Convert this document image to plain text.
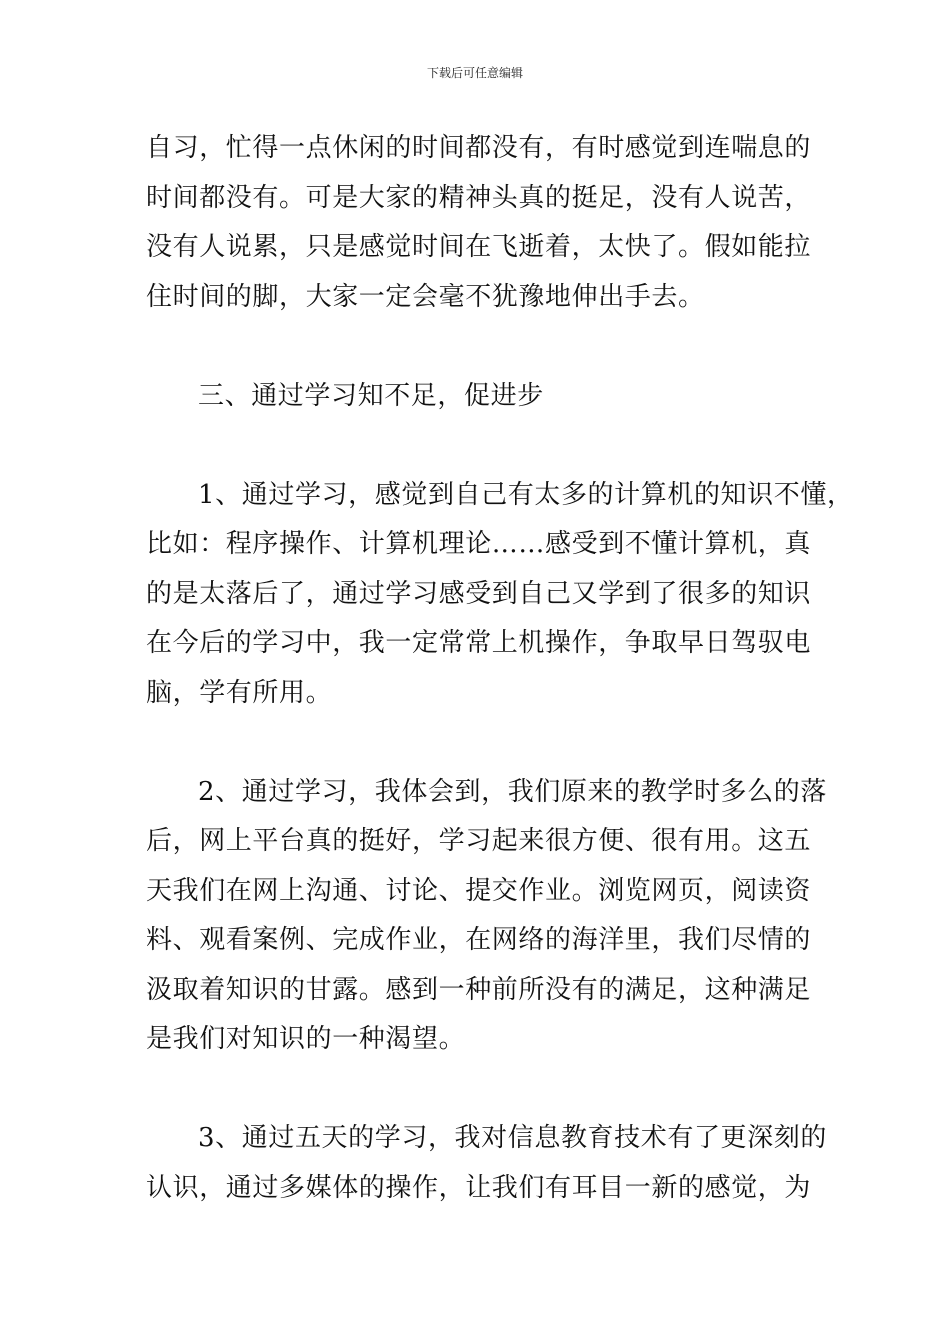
下载后可任意编辑
自习，忙得一点休闲的时间都没有，有时感觉到连喘息的
时间都没有。可是大家的精神头真的挺足，没有人说苦，
没有人说累，只是感觉时间在飞逝着，太快了。假如能拉
住时间的脚，大家一定会毫不犹豫地伸出手去。
三、通过学习知不足，促进步
1、通过学习，感觉到自己有太多的计算机的知识不懂，
比如：程序操作、计算机理论……感受到不懂计算机，真
的是太落后了，通过学习感受到自己又学到了很多的知识
在今后的学习中，我一定常常上机操作，争取早日驾驭电
脑，学有所用。
2、通过学习，我体会到，我们原来的教学时多么的落
后，网上平台真的挺好，学习起来很方便、很有用。这五
天我们在网上沟通、讨论、提交作业。浏览网页，阅读资
料、观看案例、完成作业，在网络的海洋里，我们尽情的
汲取着知识的甘露。感到一种前所没有的满足，这种满足
是我们对知识的一种渴望。
3、通过五天的学习，我对信息教育技术有了更深刻的
认识，通过多媒体的操作，让我们有耳目一新的感觉，为
